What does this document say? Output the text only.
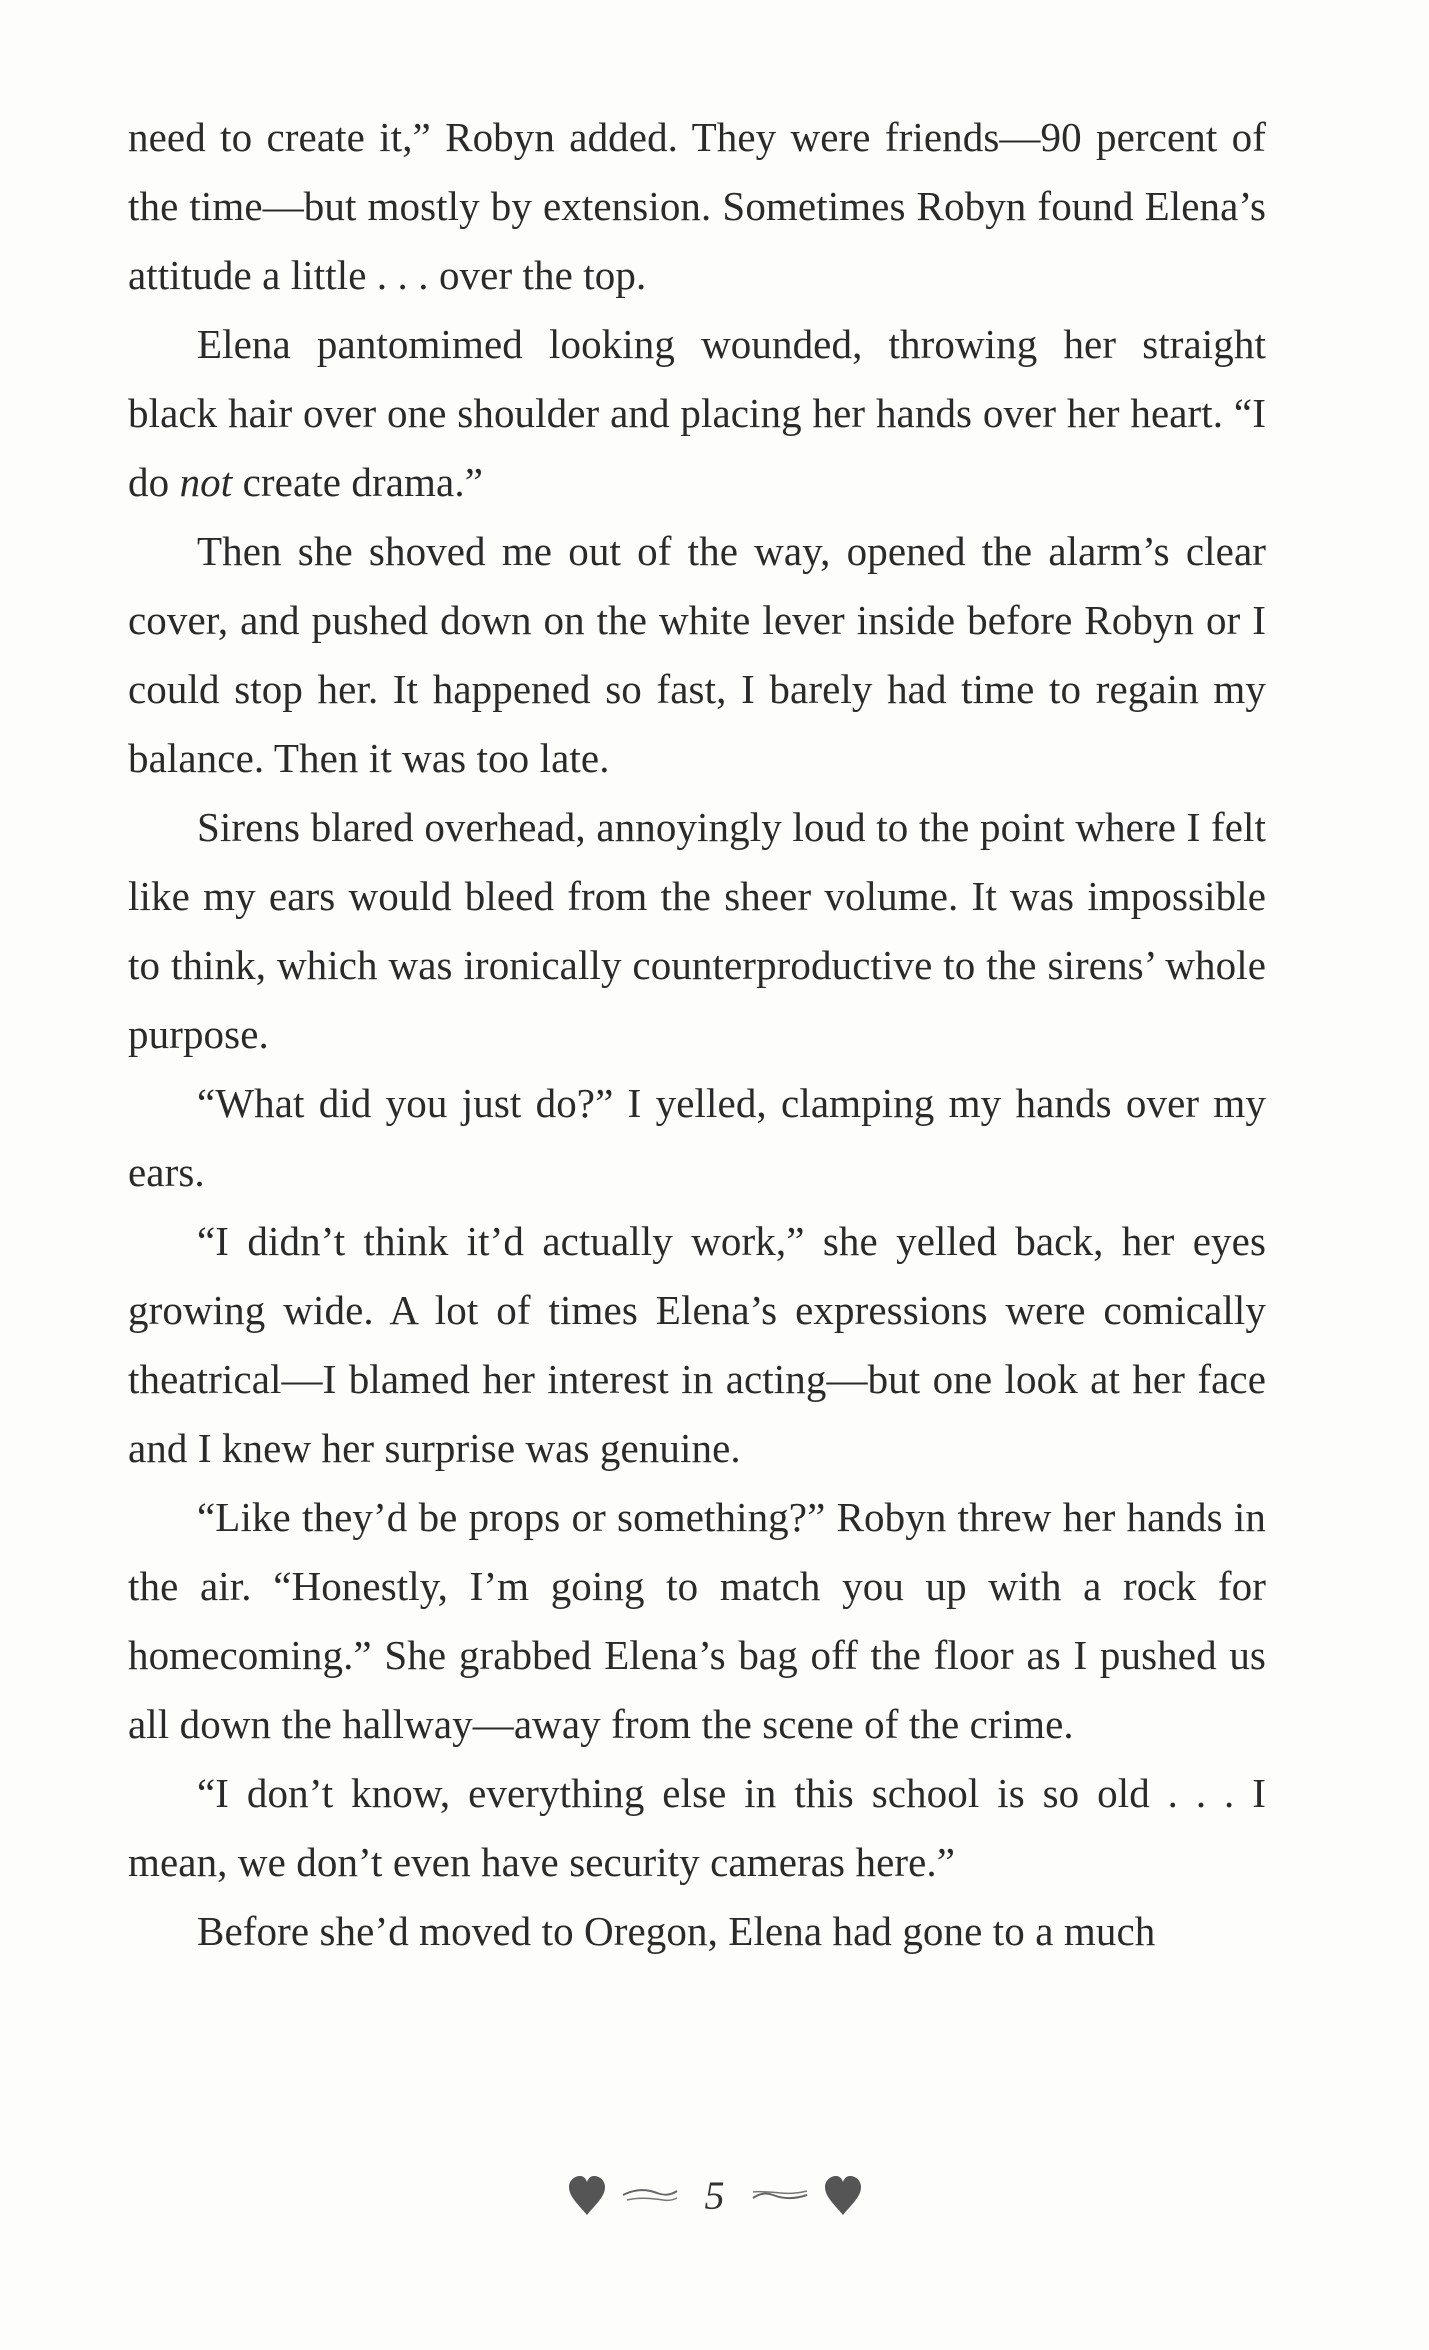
need to create it,” Robyn added. They were friends—90 percent of the time—but mostly by extension. Sometimes Robyn found Elena’s attitude a little . . . over the top.

Elena pantomimed looking wounded, throwing her straight black hair over one shoulder and placing her hands over her heart. “I do not create drama.”

Then she shoved me out of the way, opened the alarm’s clear cover, and pushed down on the white lever inside before Robyn or I could stop her. It happened so fast, I barely had time to regain my balance. Then it was too late.

Sirens blared overhead, annoyingly loud to the point where I felt like my ears would bleed from the sheer volume. It was impossible to think, which was ironically counterproductive to the sirens’ whole purpose.

“What did you just do?” I yelled, clamping my hands over my ears.

“I didn’t think it’d actually work,” she yelled back, her eyes growing wide. A lot of times Elena’s expressions were comically theatrical—I blamed her interest in acting—but one look at her face and I knew her surprise was genuine.

“Like they’d be props or something?” Robyn threw her hands in the air. “Honestly, I’m going to match you up with a rock for homecoming.” She grabbed Elena’s bag off the floor as I pushed us all down the hallway—away from the scene of the crime.

“I don’t know, everything else in this school is so old . . . I mean, we don’t even have security cameras here.”

Before she’d moved to Oregon, Elena had gone to a much

5
